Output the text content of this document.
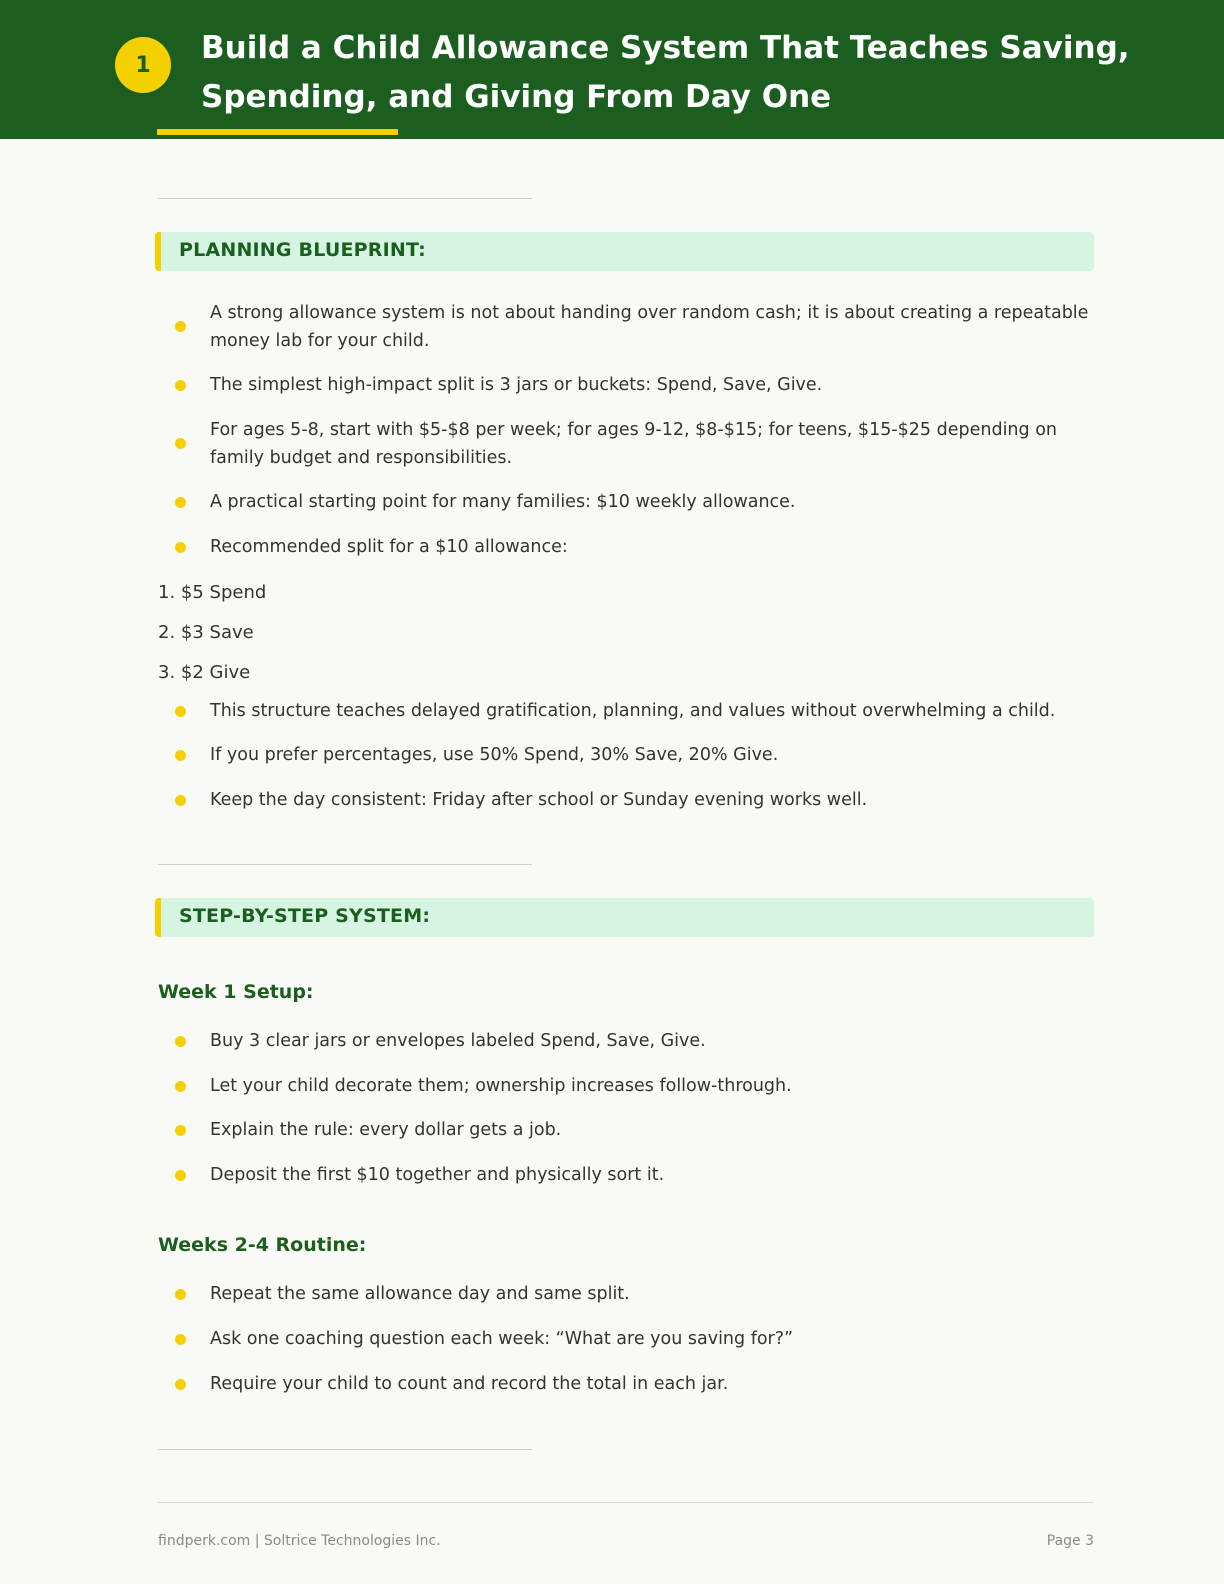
1	Build a Child Allowance System That Teaches Saving, Spending, and Giving From Day One
PLANNING BLUEPRINT:
A strong allowance system is not about handing over random cash; it is about creating a repeatable money lab for your child.
The simplest high-impact split is 3 jars or buckets: Spend, Save, Give.
For ages 5-8, start with $5-$8 per week; for ages 9-12, $8-$15; for teens, $15-$25 depending on family budget and responsibilities.
A practical starting point for many families: $10 weekly allowance.
Recommended split for a $10 allowance:
1. $5 Spend
2. $3 Save
3. $2 Give
This structure teaches delayed gratification, planning, and values without overwhelming a child.
If you prefer percentages, use 50% Spend, 30% Save, 20% Give.
Keep the day consistent: Friday after school or Sunday evening works well.
STEP-BY-STEP SYSTEM:
Week 1 Setup:
Buy 3 clear jars or envelopes labeled Spend, Save, Give.
Let your child decorate them; ownership increases follow-through.
Explain the rule: every dollar gets a job.
Deposit the first $10 together and physically sort it.
Weeks 2-4 Routine:
Repeat the same allowance day and same split.
Ask one coaching question each week: “What are you saving for?”
Require your child to count and record the total in each jar.
findperk.com | Soltrice Technologies Inc.	Page 3
